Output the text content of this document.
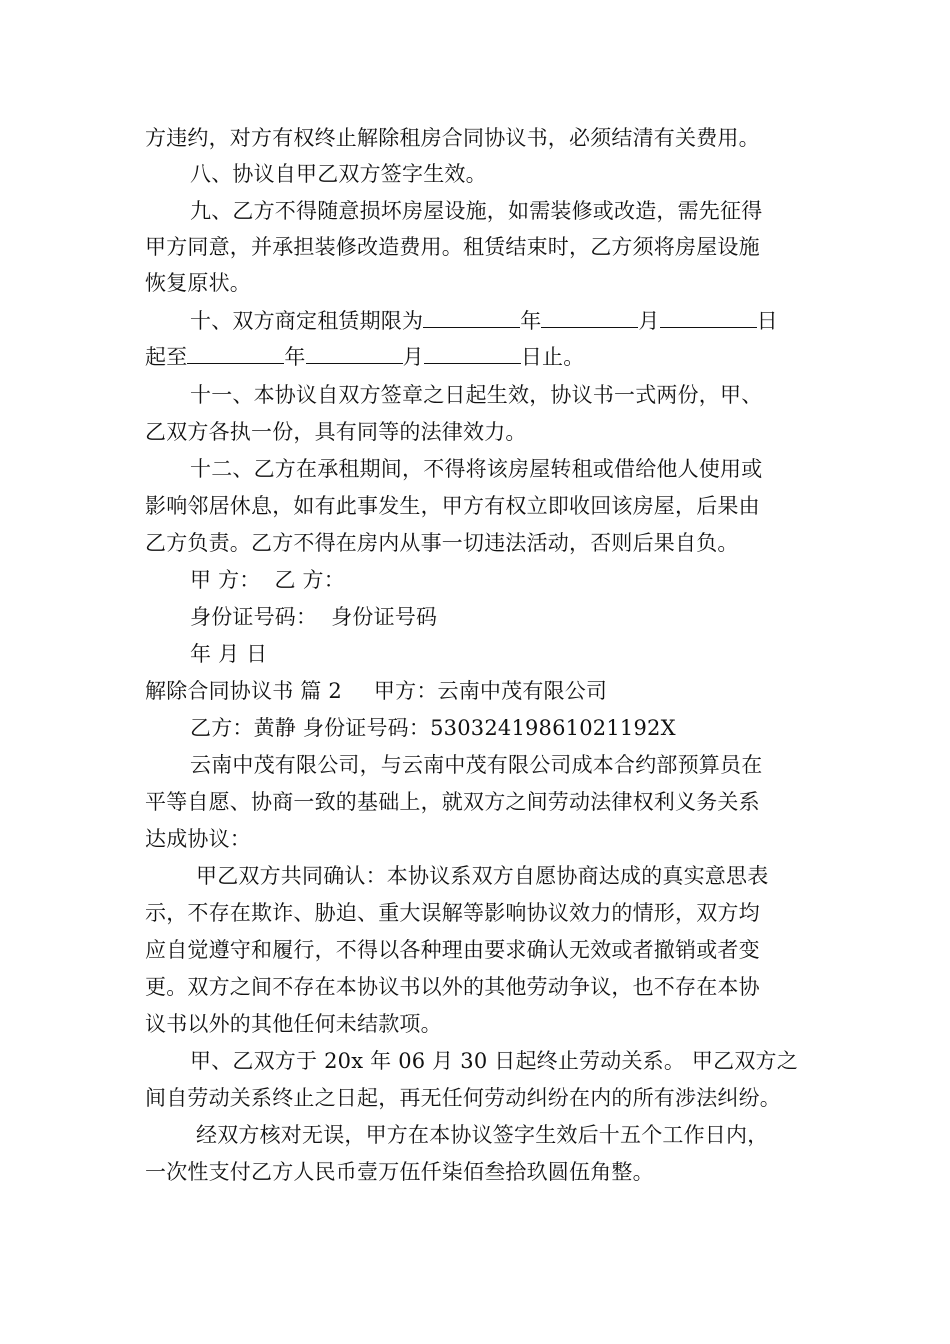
方违约，对方有权终止解除租房合同协议书，必须结清有关费用。
八、协议自甲乙双方签字生效。
九、乙方不得随意损坏房屋设施，如需装修或改造，需先征得
甲方同意，并承担装修改造费用。租赁结束时，乙方须将房屋设施
恢复原状。
十、双方商定租赁期限为	年	月	日
起至	年	月	日止。
十一、本协议自双方签章之日起生效，协议书一式两份，甲、
乙双方各执一份，具有同等的法律效力。
十二、乙方在承租期间，不得将该房屋转租或借给他人使用或
影响邻居休息，如有此事发生，甲方有权立即收回该房屋，后果由
乙方负责。乙方不得在房内从事一切违法活动，否则后果自负。
甲 方： 乙 方：
身份证号码： 身份证号码
年 月 日
解除合同协议书 篇 2 甲方：云南中茂有限公司
乙方：黄静 身份证号码：53032419861021192X
云南中茂有限公司，与云南中茂有限公司成本合约部预算员在
平等自愿、协商一致的基础上，就双方之间劳动法律权利义务关系
达成协议：
甲乙双方共同确认：本协议系双方自愿协商达成的真实意思表
示，不存在欺诈、胁迫、重大误解等影响协议效力的情形，双方均
应自觉遵守和履行，不得以各种理由要求确认无效或者撤销或者变
更。双方之间不存在本协议书以外的其他劳动争议，也不存在本协
议书以外的其他任何未结款项。
甲、乙双方于 20x 年 06 月 30 日起终止劳动关系。 甲乙双方之
间自劳动关系终止之日起，再无任何劳动纠纷在内的所有涉法纠纷。
经双方核对无误，甲方在本协议签字生效后十五个工作日内，
一次性支付乙方人民币壹万伍仟柒佰叁拾玖圆伍角整。
